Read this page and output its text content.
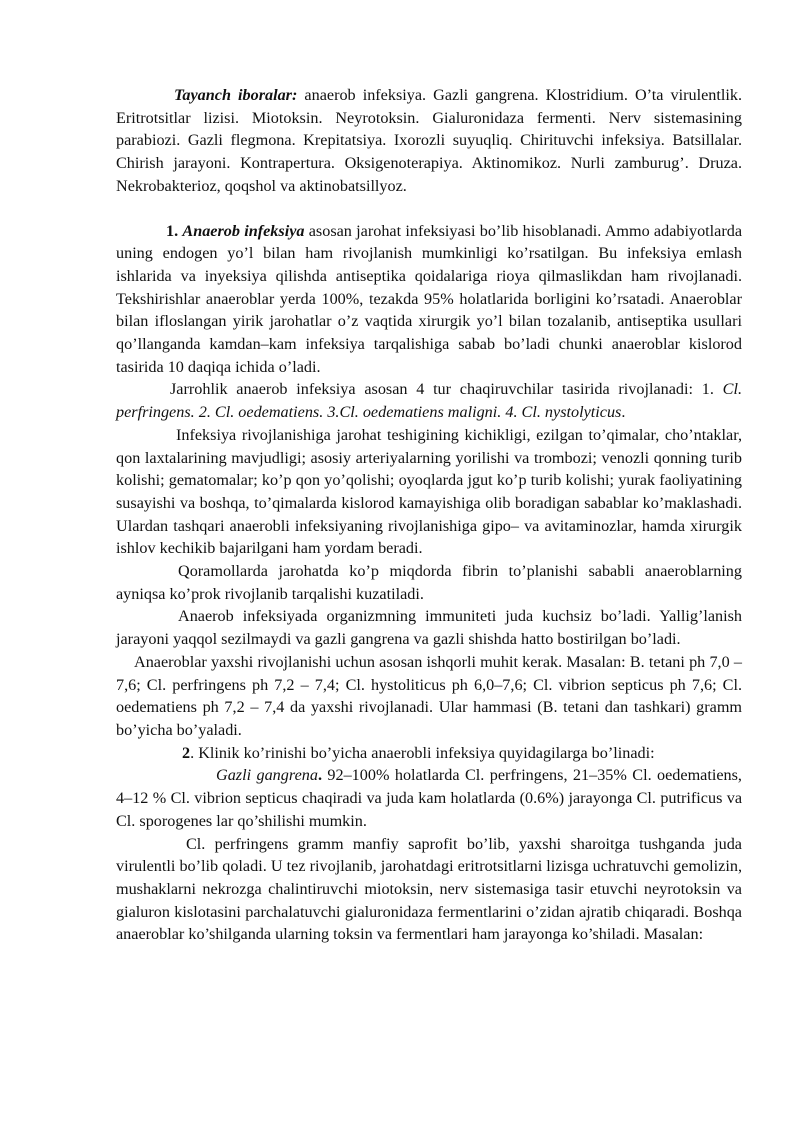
Tayanch iboralar: anaerob infeksiya. Gazli gangrena. Klostridium. O’ta virulentlik. Eritrotsitlar lizisi. Miotoksin. Neyrotoksin. Gialuronidaza fermenti. Nerv sistemasining parabiozi. Gazli flegmona. Krepitatsiya. Ixorozli suyuqliq. Chirituvchi infeksiya. Batsillalar. Chirish jarayoni. Kontrapertura. Oksigenoterapiya. Aktinomikoz. Nurli zamburug’. Druza. Nekrobakterioz, qoqshol va aktinobatsillyoz.

1. Anaerob infeksiya asosan jarohat infeksiyasi bo’lib hisoblanadi. Ammo adabiyotlarda uning endogen yo’l bilan ham rivojlanish mumkinligi ko’rsatilgan. Bu infeksiya emlash ishlarida va inyeksiya qilishda antiseptika qoidalariga rioya qilmaslikdan ham rivojlanadi. Tekshirishlar anaeroblar yerda 100%, tezakda 95% holatlarida borligini ko’rsatadi. Anaeroblar bilan ifloslangan yirik jarohatlar o’z vaqtida xirurgik yo’l bilan tozalanib, antiseptika usullari qo’llanganda kamdan–kam infeksiya tarqalishiga sabab bo’ladi chunki anaeroblar kislorod tasirida 10 daqiqa ichida o’ladi.

Jarrohlik anaerob infeksiya asosan 4 tur chaqiruvchilar tasirida rivojlanadi: 1. Cl. perfringens. 2. Cl. oedematiens. 3.Cl. oedematiens maligni. 4. Cl. nystolyticus.

Infeksiya rivojlanishiga jarohat teshigining kichikligi, ezilgan to’qimalar, cho’ntaklar, qon laxtalarining mavjudligi; asosiy arteriyalarning yorilishi va trombozi; venozli qonning turib kolishi; gematomalar; ko’p qon yo’qolishi; oyoqlarda jgut ko’p turib kolishi; yurak faoliyatining susayishi va boshqa, to’qimalarda kislorod kamayishiga olib boradigan sabablar ko’maklashadi. Ulardan tashqari anaerobli infeksiyaning rivojlanishiga gipo– va avitaminozlar, hamda xirurgik ishlov kechikib bajarilgani ham yordam beradi.

Qoramollarda jarohatda ko’p miqdorda fibrin to’planishi sababli anaeroblarning ayniqsa ko’prok rivojlanib tarqalishi kuzatiladi.

Anaerob infeksiyada organizmning immuniteti juda kuchsiz bo’ladi. Yallig’lanish jarayoni yaqqol sezilmaydi va gazli gangrena va gazli shishda hatto bostirilgan bo’ladi.

Anaeroblar yaxshi rivojlanishi uchun asosan ishqorli muhit kerak. Masalan: B. tetani ph 7,0 – 7,6; Cl. perfringens ph 7,2 – 7,4; Cl. hystoliticus ph 6,0–7,6; Cl. vibrion septicus ph 7,6; Cl. oedematiens ph 7,2 – 7,4 da yaxshi rivojlanadi. Ular hammasi (B. tetani dan tashkari) gramm bo’yicha bo’yaladi.

2. Klinik ko’rinishi bo’yicha anaerobli infeksiya quyidagilarga bo’linadi:

Gazli gangrena. 92–100% holatlarda Cl. perfringens, 21–35% Cl. oedematiens, 4–12 % Cl. vibrion septicus chaqiradi va juda kam holatlarda (0.6%) jarayonga Cl. putrificus va Cl. sporogenes lar qo’shilishi mumkin.

Cl. perfringens gramm manfiy saprofit bo’lib, yaxshi sharoitga tushganda juda virulentli bo’lib qoladi. U tez rivojlanib, jarohatdagi eritrotsitlarni lizisga uchratuvchi gemolizin, mushaklarni nekrozga chalintiruvchi miotoksin, nerv sistemasiga tasir etuvchi neyrotoksin va gialuron kislotasini parchalatuvchi gialuronidaza fermentlarini o’zidan ajratib chiqaradi. Boshqa anaeroblar ko’shilganda ularning toksin va fermentlari ham jarayonga ko’shiladi. Masalan:
